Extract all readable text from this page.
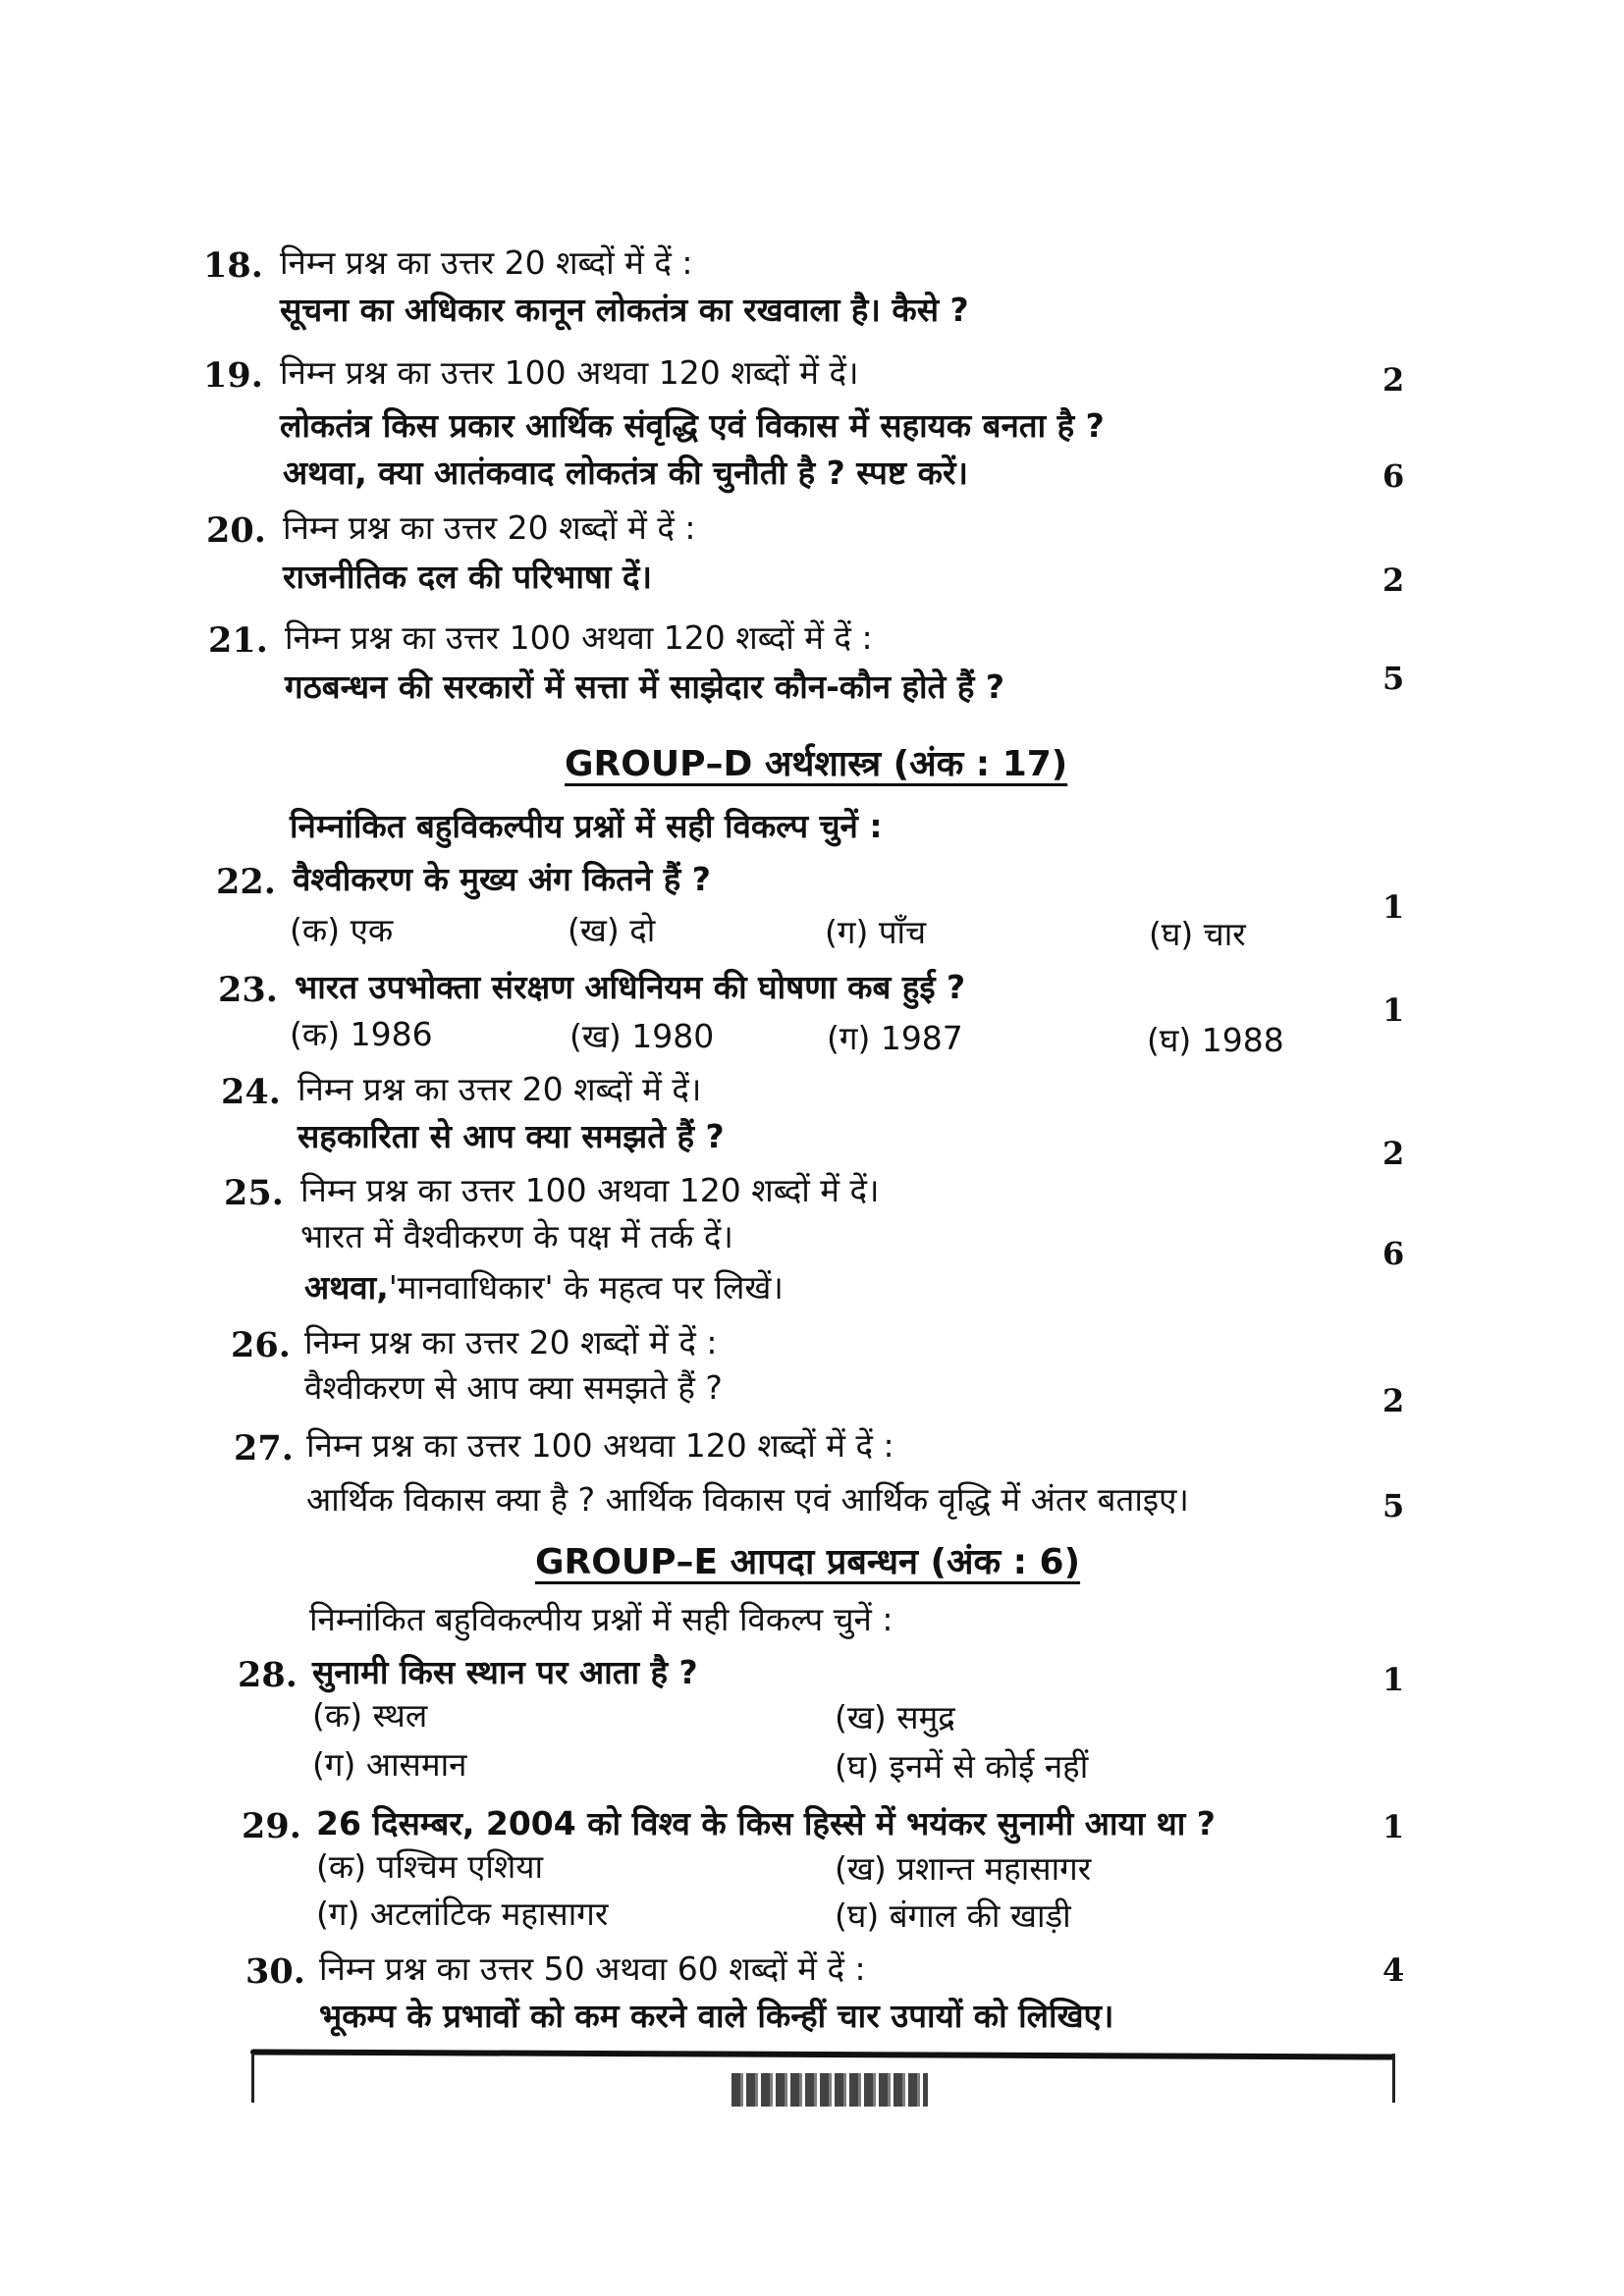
18. निम्न प्रश्न का उत्तर 20 शब्दों में दें :
सूचना का अधिकार कानून लोकतंत्र का रखवाला है। कैसे ?
19. निम्न प्रश्न का उत्तर 100 अथवा 120 शब्दों में दें।	2
लोकतंत्र किस प्रकार आर्थिक संवृद्धि एवं विकास में सहायक बनता है ?
अथवा, क्या आतंकवाद लोकतंत्र की चुनौती है ? स्पष्ट करें।	6
20. निम्न प्रश्न का उत्तर 20 शब्दों में दें :
राजनीतिक दल की परिभाषा दें।	2
21. निम्न प्रश्न का उत्तर 100 अथवा 120 शब्दों में दें :
गठबन्धन की सरकारों में सत्ता में साझेदार कौन-कौन होते हैं ?	5
GROUP–D अर्थशास्त्र (अंक : 17)
निम्नांकित बहुविकल्पीय प्रश्नों में सही विकल्प चुनें :
22. वैश्वीकरण के मुख्य अंग कितने हैं ?
1
(क) एक	(ख) दो	(ग) पाँच	(घ) चार
23. भारत उपभोक्ता संरक्षण अधिनियम की घोषणा कब हुई ?
1
(क) 1986	(ख) 1980	(ग) 1987	(घ) 1988
24. निम्न प्रश्न का उत्तर 20 शब्दों में दें।
सहकारिता से आप क्या समझते हैं ?	2
25. निम्न प्रश्न का उत्तर 100 अथवा 120 शब्दों में दें।
भारत में वैश्वीकरण के पक्ष में तर्क दें।	6
अथवा,'मानवाधिकार' के महत्व पर लिखें।
26. निम्न प्रश्न का उत्तर 20 शब्दों में दें :
वैश्वीकरण से आप क्या समझते हैं ?	2
27. निम्न प्रश्न का उत्तर 100 अथवा 120 शब्दों में दें :
आर्थिक विकास क्या है ? आर्थिक विकास एवं आर्थिक वृद्धि में अंतर बताइए।	5
GROUP–E आपदा प्रबन्धन (अंक : 6)
निम्नांकित बहुविकल्पीय प्रश्नों में सही विकल्प चुनें :
28. सुनामी किस स्थान पर आता है ?	1
(क) स्थल	(ख) समुद्र
(ग) आसमान	(घ) इनमें से कोई नहीं
29. 26 दिसम्बर, 2004 को विश्व के किस हिस्से में भयंकर सुनामी आया था ?	1
(क) पश्चिम एशिया	(ख) प्रशान्त महासागर
(ग) अटलांटिक महासागर	(घ) बंगाल की खाड़ी
30. निम्न प्रश्न का उत्तर 50 अथवा 60 शब्दों में दें :
भूकम्प के प्रभावों को कम करने वाले किन्हीं चार उपायों को लिखिए।
4
